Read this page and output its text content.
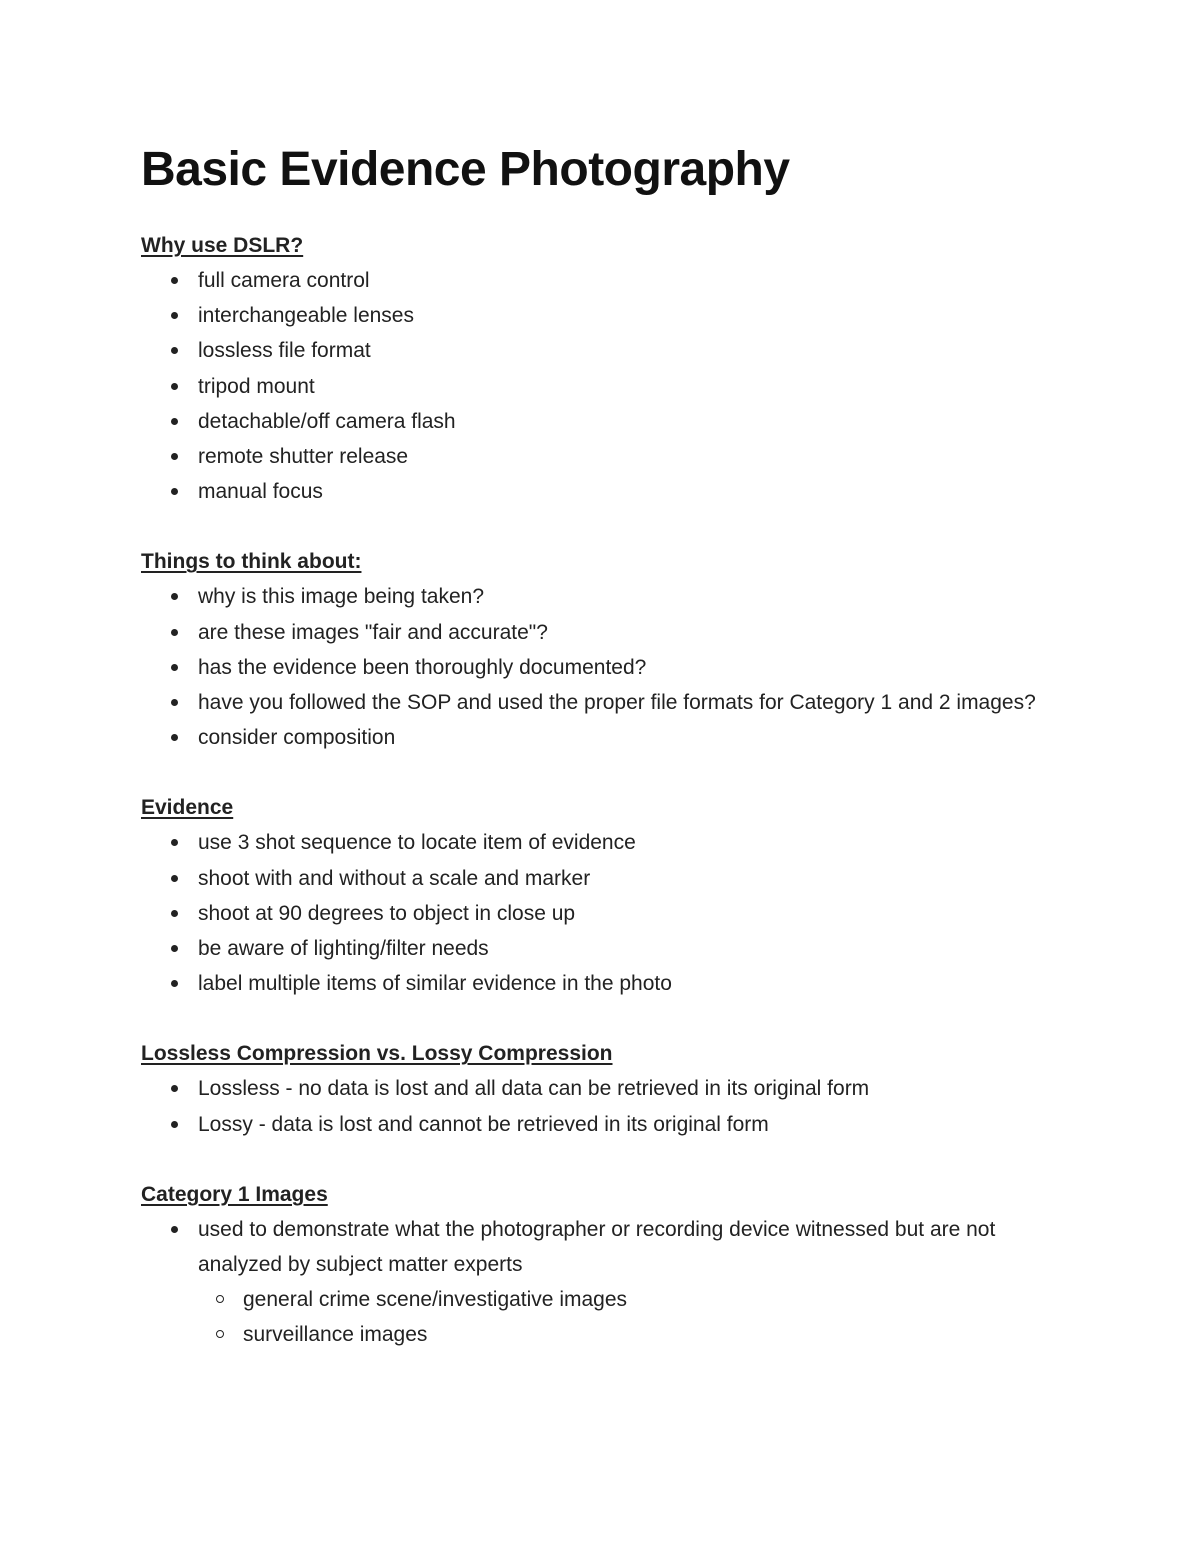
Basic Evidence Photography
Why use DSLR?
full camera control
interchangeable lenses
lossless file format
tripod mount
detachable/off camera flash
remote shutter release
manual focus
Things to think about:
why is this image being taken?
are these images "fair and accurate"?
has the evidence been thoroughly documented?
have you followed the SOP and used the proper file formats for Category 1 and 2 images?
consider composition
Evidence
use 3 shot sequence to locate item of evidence
shoot with and without a scale and marker
shoot at 90 degrees to object in close up
be aware of lighting/filter needs
label multiple items of similar evidence in the photo
Lossless Compression vs. Lossy Compression
Lossless - no data is lost and all data can be retrieved in its original form
Lossy - data is lost and cannot be retrieved in its original form
Category 1 Images
used to demonstrate what the photographer or recording device witnessed but are not analyzed by subject matter experts
general crime scene/investigative images
surveillance images
